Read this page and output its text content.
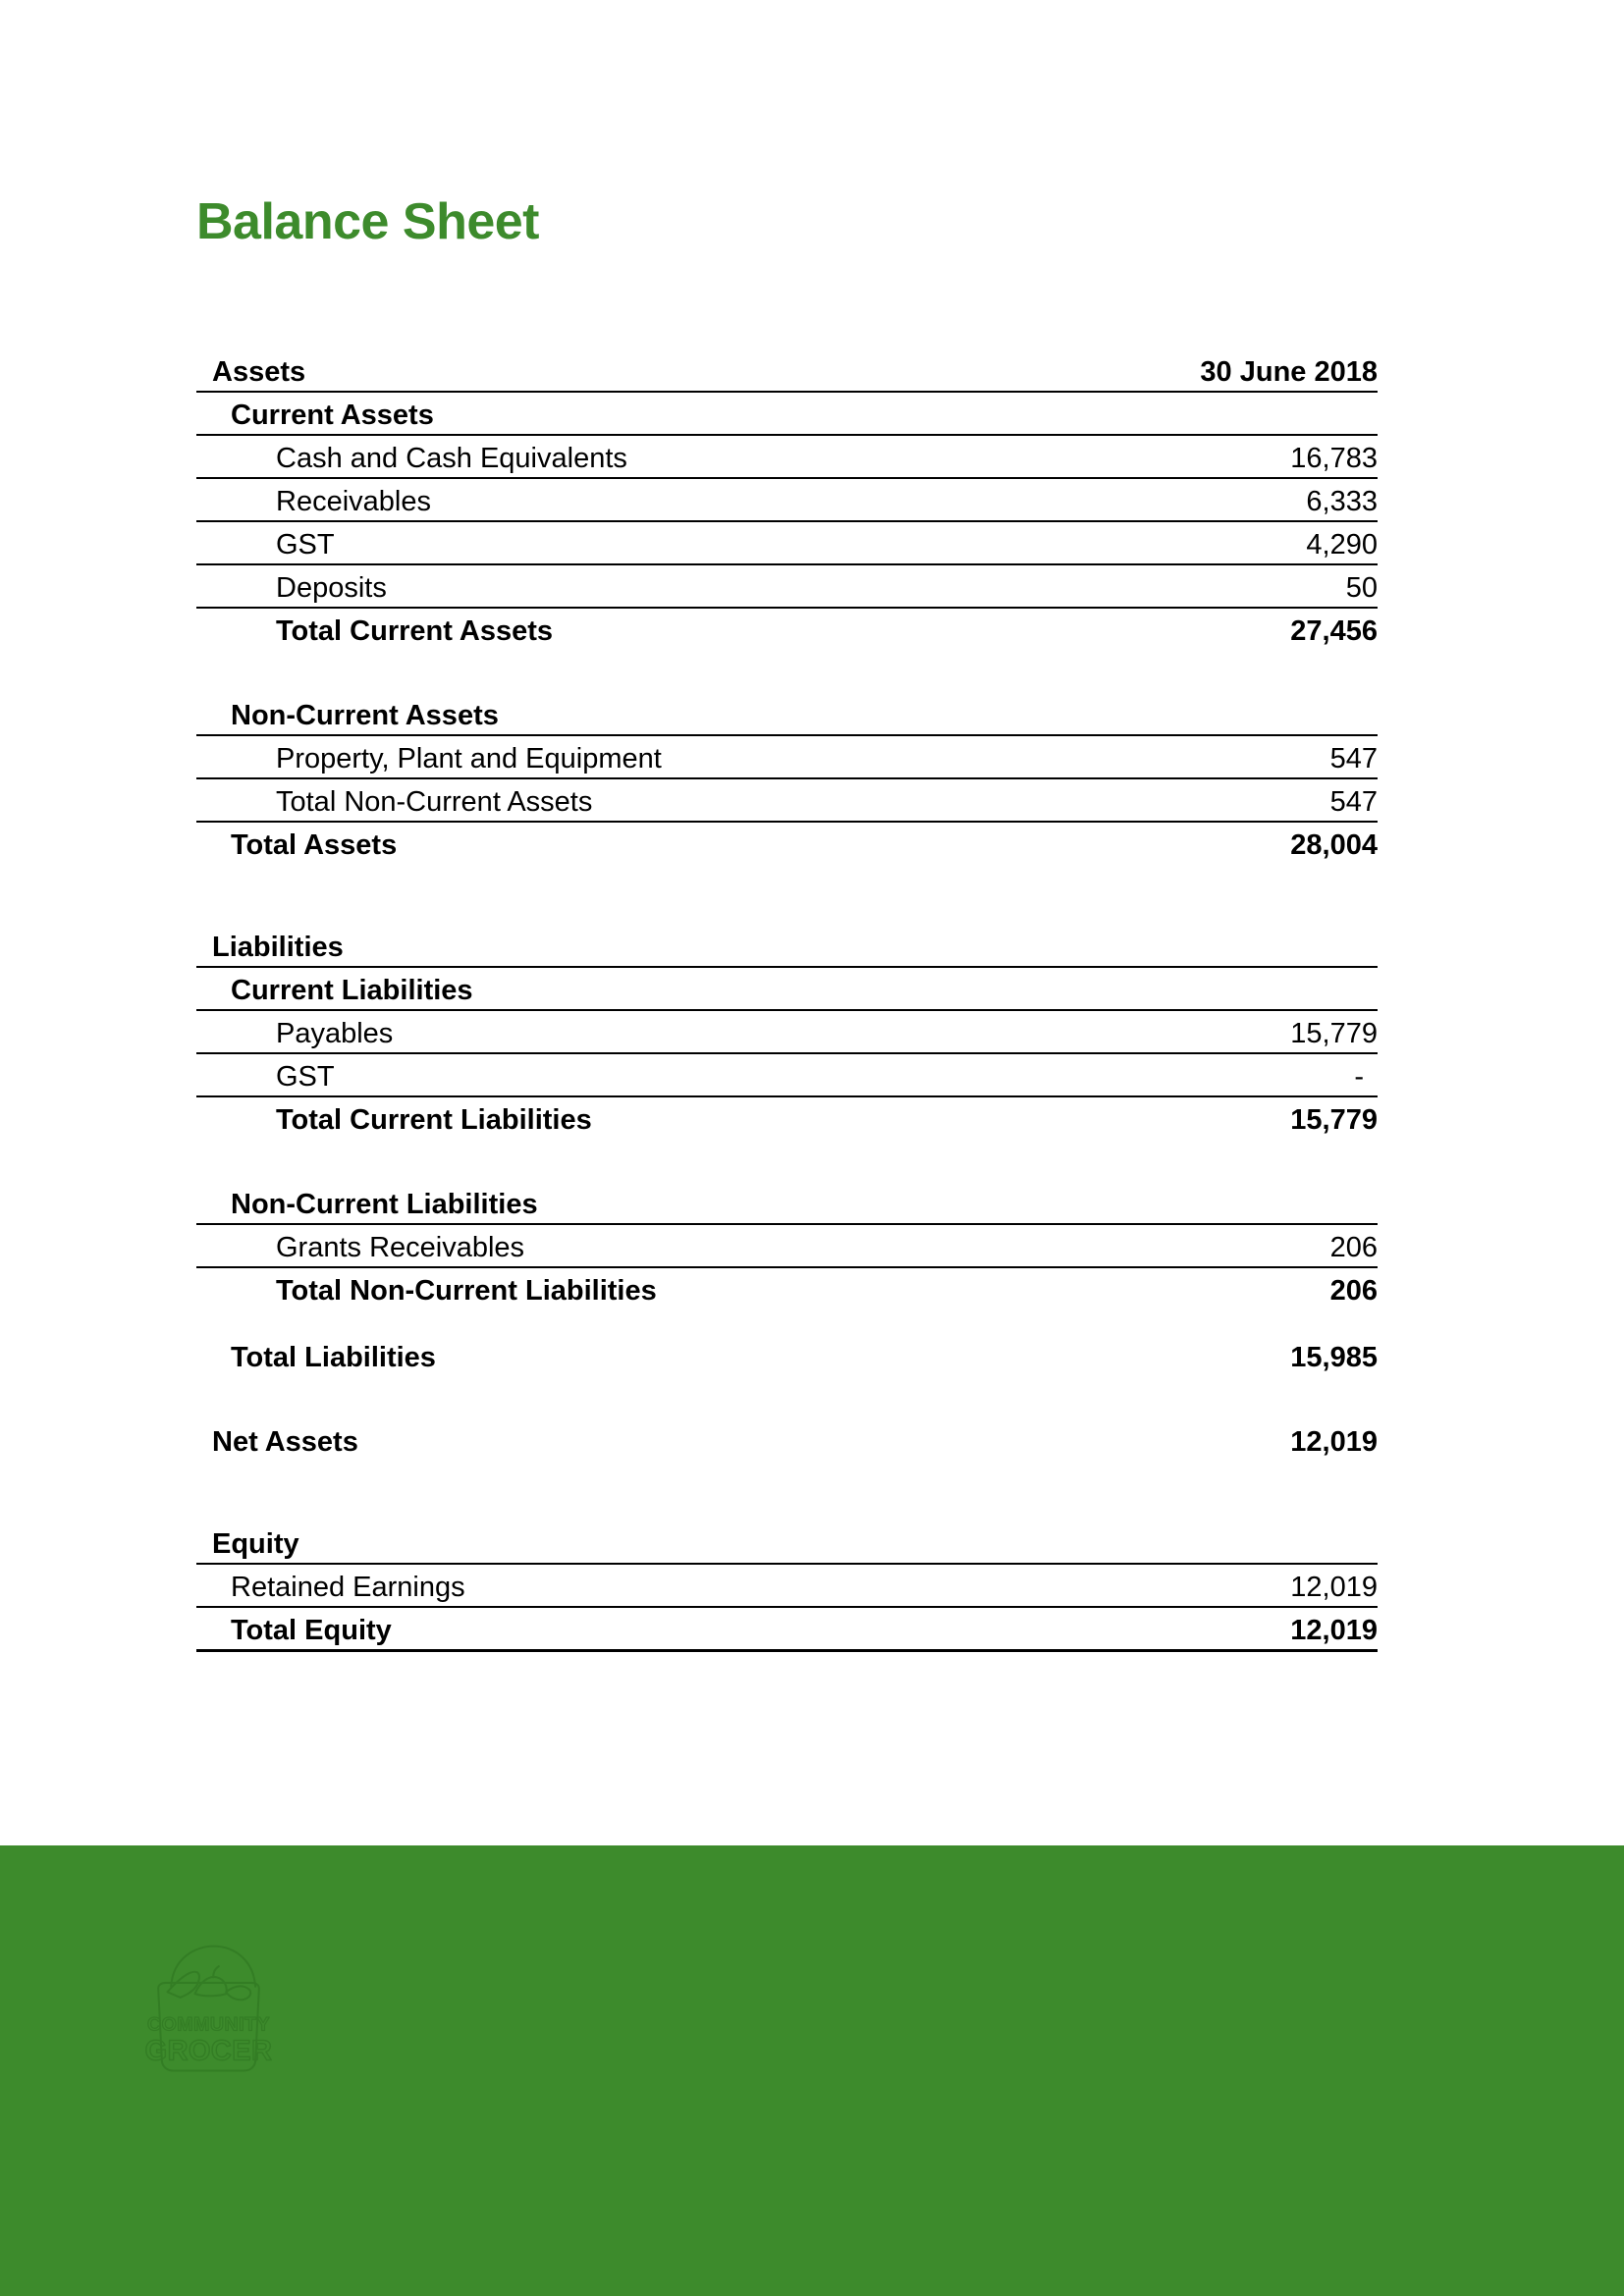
Balance Sheet
Assets	30 June 2018
Current Assets	
Cash and Cash Equivalents	16,783
Receivables	6,333
GST	4,290
Deposits	50
Total Current Assets	27,456

Non-Current Assets	
Property, Plant and Equipment	547
Total Non-Current Assets	547
Total Assets	28,004

Liabilities	
Current Liabilities	
Payables	15,779
GST	-
Total Current Liabilities	15,779

Non-Current Liabilities	
Grants Receivables	206
Total Non-Current Liabilities	206

Total Liabilities	15,985

Net Assets	12,019

Equity	
Retained Earnings	12,019
Total Equity	12,019
COMMUNITY
GROCER
